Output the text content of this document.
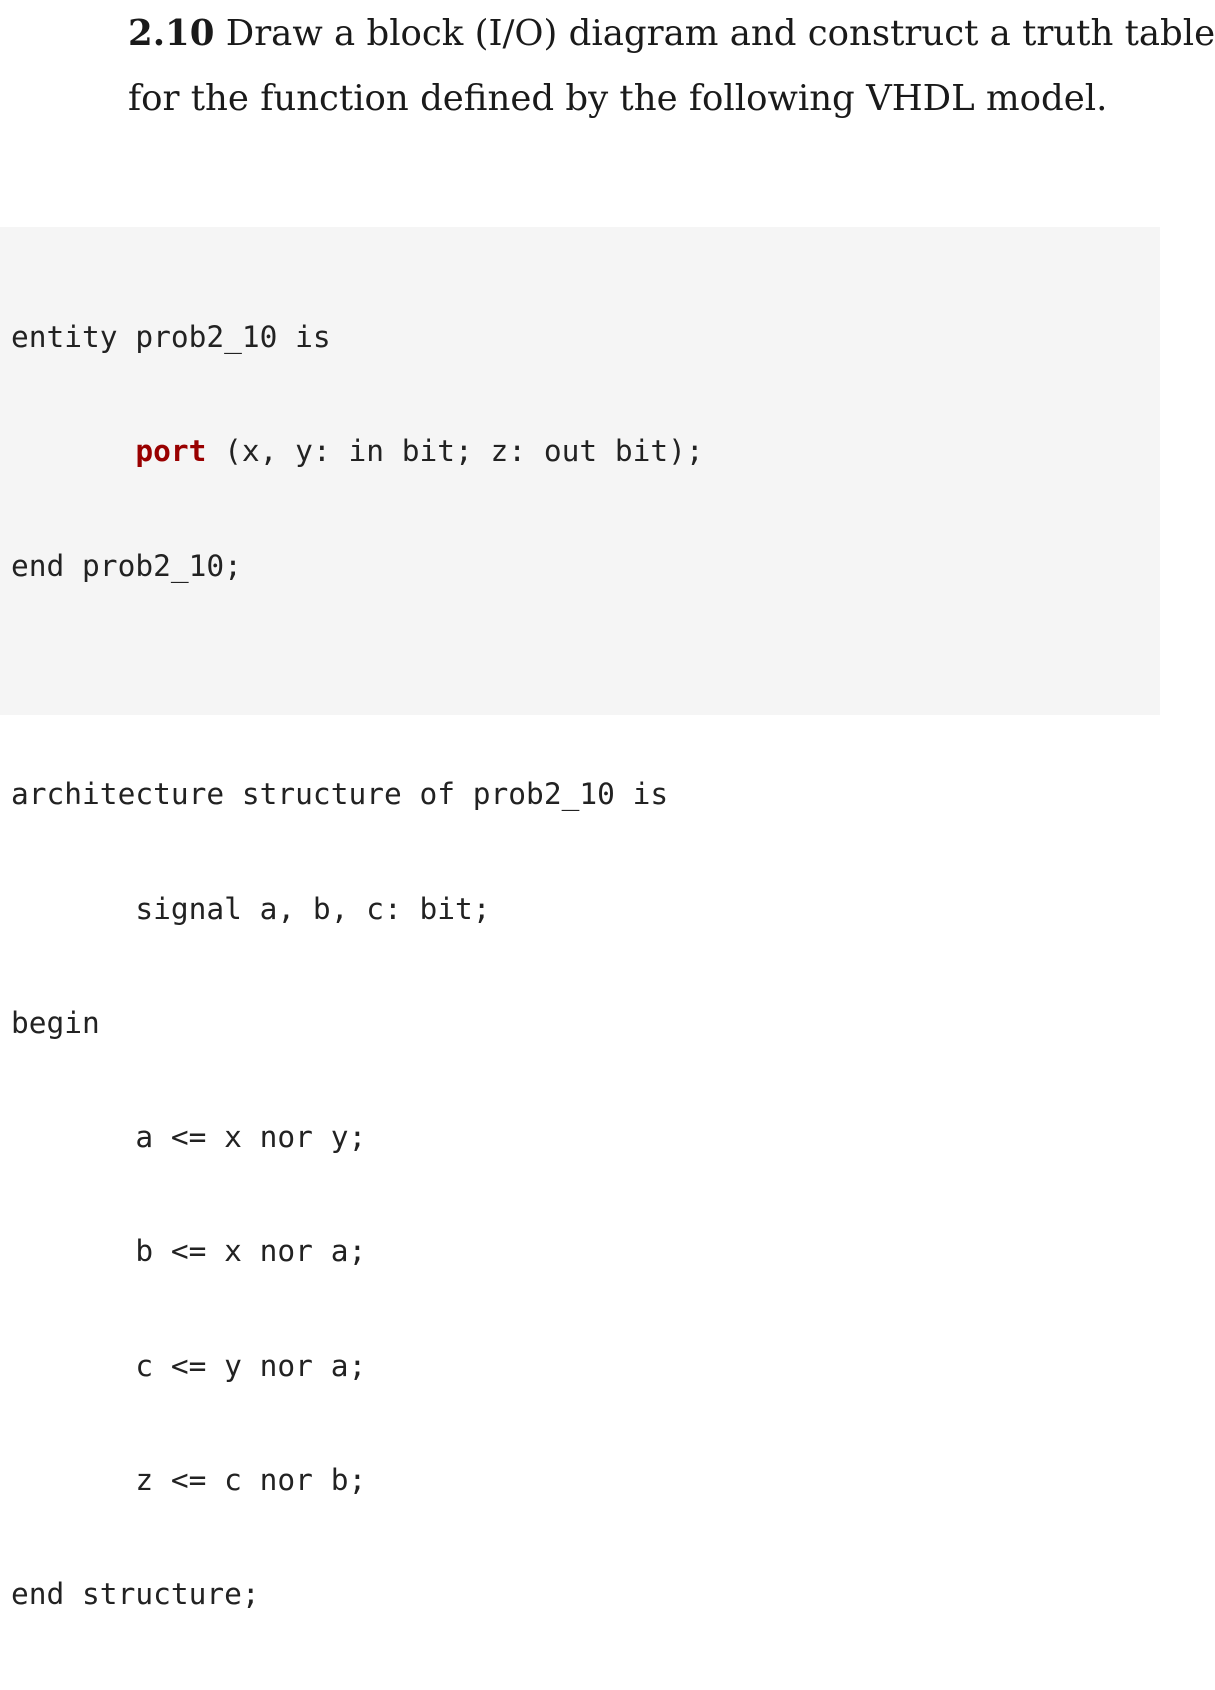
2.10 Draw a block (I/O) diagram and construct a truth table
for the function defined by the following VHDL model.

entity prob2_10 is

port (x, y: in bit; z: out bit);

end prob2_10;

architecture structure of prob2_10 is

signal a, b, c: bit;

begin

a <= x nor y;

b <= x nor a;

c <= y nor a;

z <= c nor b;

end structure;
